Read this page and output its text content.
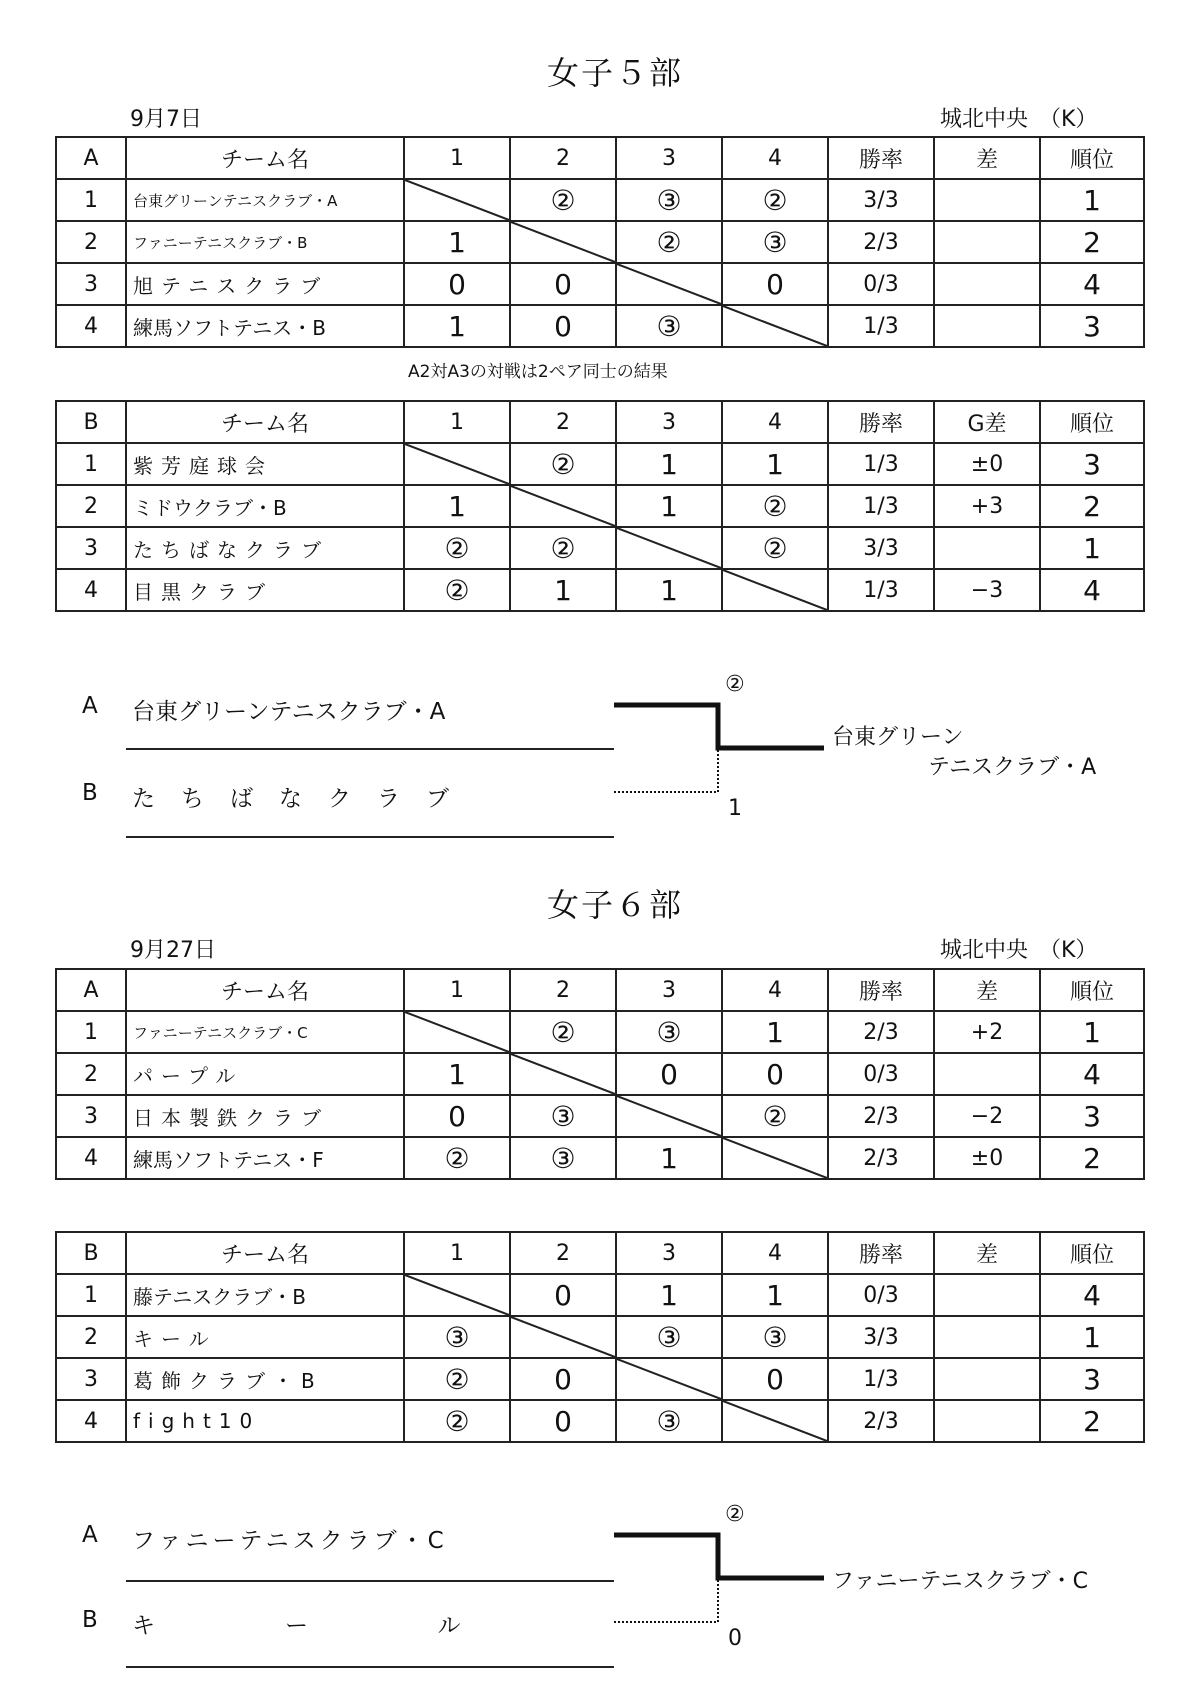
女子５部
9月7日	城北中央　（K）
A	チーム名	1	2	3	4	勝率	差	順位
1	台東グリーンテニスクラブ・A		②	③	②	3/3		1
2	ファニーテニスクラブ・B	1		②	③	2/3		2
3	旭テニスクラブ	0	0		0	0/3		4
4	練馬ソフトテニス・B	1	0	③		1/3		3
A2対A3の対戦は2ペア同士の結果
B	チーム名	1	2	3	4	勝率	G差	順位
1	紫芳庭球会		②	1	1	1/3	±0	3
2	ミドウクラブ・B	1		1	②	1/3	+3	2
3	たちばなクラブ	②	②		②	3/3		1
4	目黒クラブ	②	1	1		1/3	−3	4
A 台東グリーンテニスクラブ・A
B たちばなクラブ
②
1
台東グリーン
テニスクラブ・A
女子６部
9月27日	城北中央　（K）
A	チーム名	1	2	3	4	勝率	差	順位
1	ファニーテニスクラブ・C		②	③	1	2/3	+2	1
2	パープル	1		0	0	0/3		4
3	日本製鉄クラブ	0	③		②	2/3	−2	3
4	練馬ソフトテニス・F	②	③	1		2/3	±0	2
B	チーム名	1	2	3	4	勝率	差	順位
1	藤テニスクラブ・B		0	1	1	0/3		4
2	キール	③		③	③	3/3		1
3	葛飾クラブ・B	②	0		0	1/3		3
4	fight10	②	0	③		2/3		2
A ファニーテニスクラブ・C
B キール
②
0
ファニーテニスクラブ・C
